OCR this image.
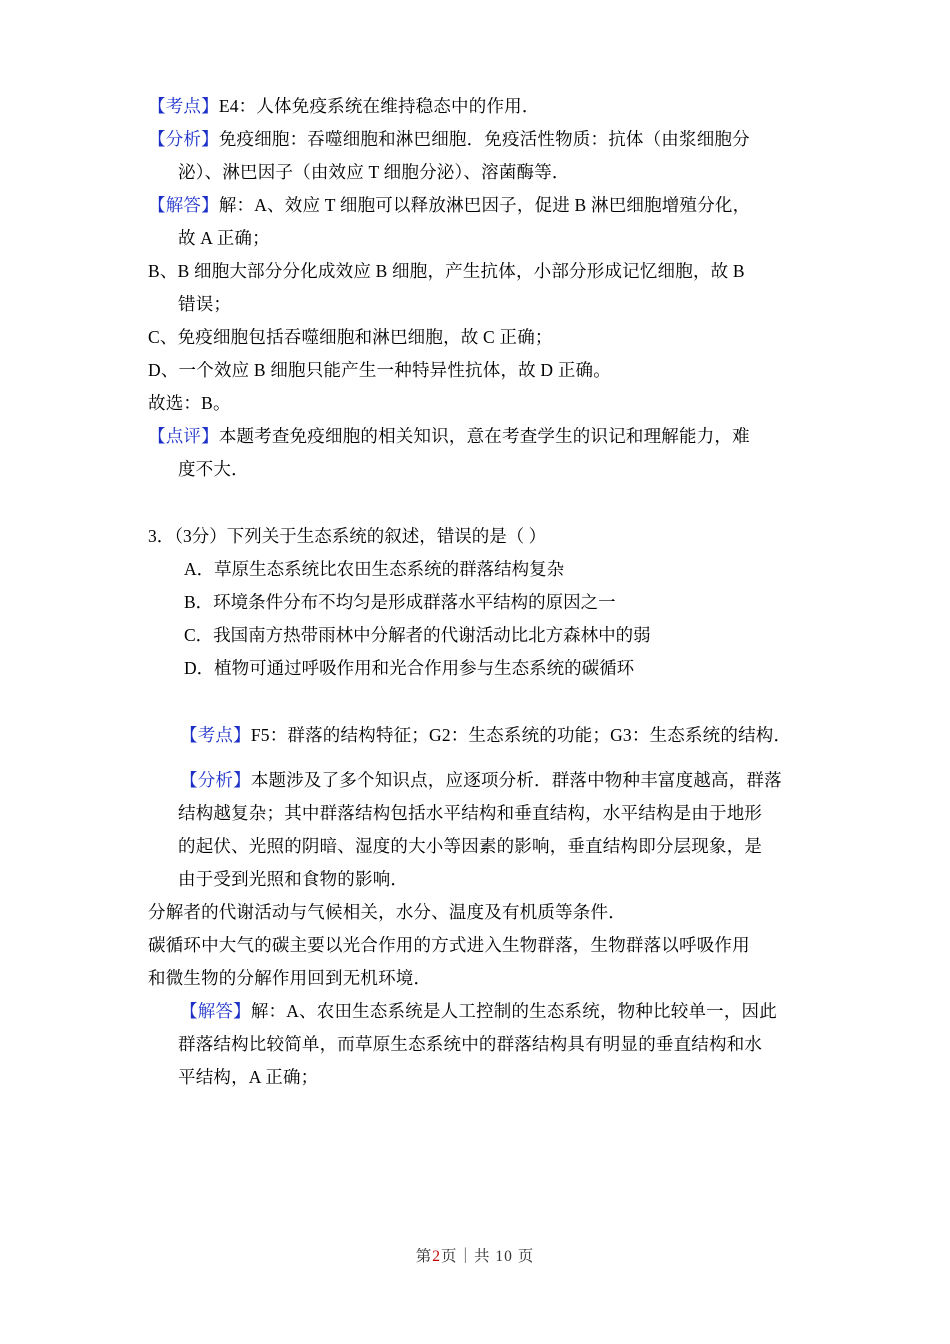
【考点】E4：人体免疫系统在维持稳态中的作用．
【分析】免疫细胞：吞噬细胞和淋巴细胞．免疫活性物质：抗体（由浆细胞分
泌）、淋巴因子（由效应 T 细胞分泌）、溶菌酶等．
【解答】解：A、效应 T 细胞可以释放淋巴因子，促进 B 淋巴细胞增殖分化，
故 A 正确；
B、B 细胞大部分分化成效应 B 细胞，产生抗体，小部分形成记忆细胞，故 B
错误；
C、免疫细胞包括吞噬细胞和淋巴细胞，故 C 正确；
D、一个效应 B 细胞只能产生一种特异性抗体，故 D 正确。
故选：B。
【点评】本题考查免疫细胞的相关知识，意在考查学生的识记和理解能力，难
度不大．
3．（3分）下列关于生态系统的叙述，错误的是（ ）
A．草原生态系统比农田生态系统的群落结构复杂
B．环境条件分布不均匀是形成群落水平结构的原因之一
C．我国南方热带雨林中分解者的代谢活动比北方森林中的弱
D．植物可通过呼吸作用和光合作用参与生态系统的碳循环
【考点】F5：群落的结构特征；G2：生态系统的功能；G3：生态系统的结构．
【分析】本题涉及了多个知识点，应逐项分析．群落中物种丰富度越高，群落
结构越复杂；其中群落结构包括水平结构和垂直结构，水平结构是由于地形
的起伏、光照的阴暗、湿度的大小等因素的影响，垂直结构即分层现象，是
由于受到光照和食物的影响．
分解者的代谢活动与气候相关，水分、温度及有机质等条件．
碳循环中大气的碳主要以光合作用的方式进入生物群落，生物群落以呼吸作用
和微生物的分解作用回到无机环境．
【解答】解：A、农田生态系统是人工控制的生态系统，物种比较单一，因此
群落结构比较简单，而草原生态系统中的群落结构具有明显的垂直结构和水
平结构，A 正确；
第2页｜共 10 页
